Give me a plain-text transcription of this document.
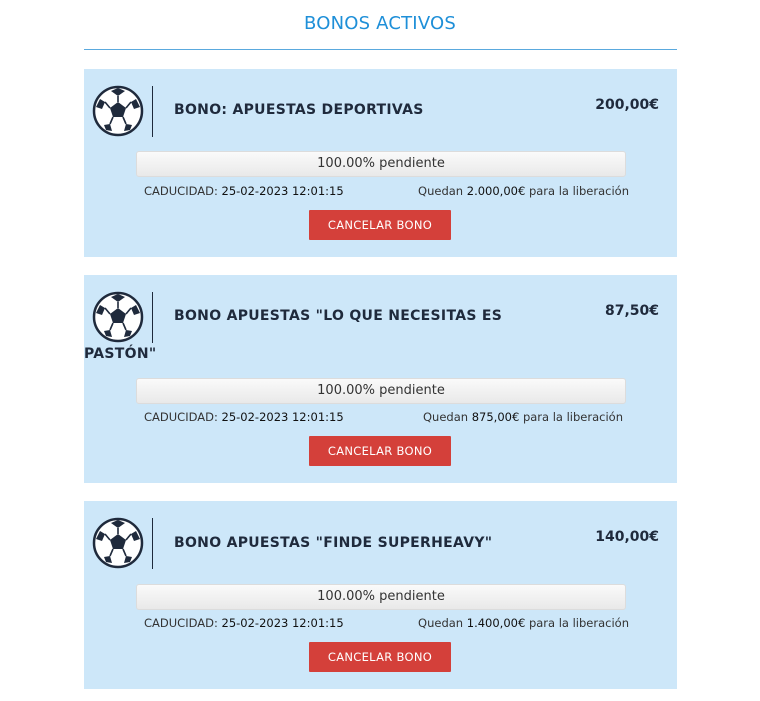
BONOS ACTIVOS
BONO: APUESTAS DEPORTIVAS	200,00€
100.00% pendiente
CADUCIDAD: 25-02-2023 12:01:15	Quedan 2.000,00€ para la liberación
CANCELAR BONO
BONO APUESTAS "LO QUE NECESITAS ES
PASTÓN"
87,50€
100.00% pendiente
CADUCIDAD: 25-02-2023 12:01:15	Quedan 875,00€ para la liberación
CANCELAR BONO
BONO APUESTAS "FINDE SUPERHEAVY"	140,00€
100.00% pendiente
CADUCIDAD: 25-02-2023 12:01:15	Quedan 1.400,00€ para la liberación
CANCELAR BONO
